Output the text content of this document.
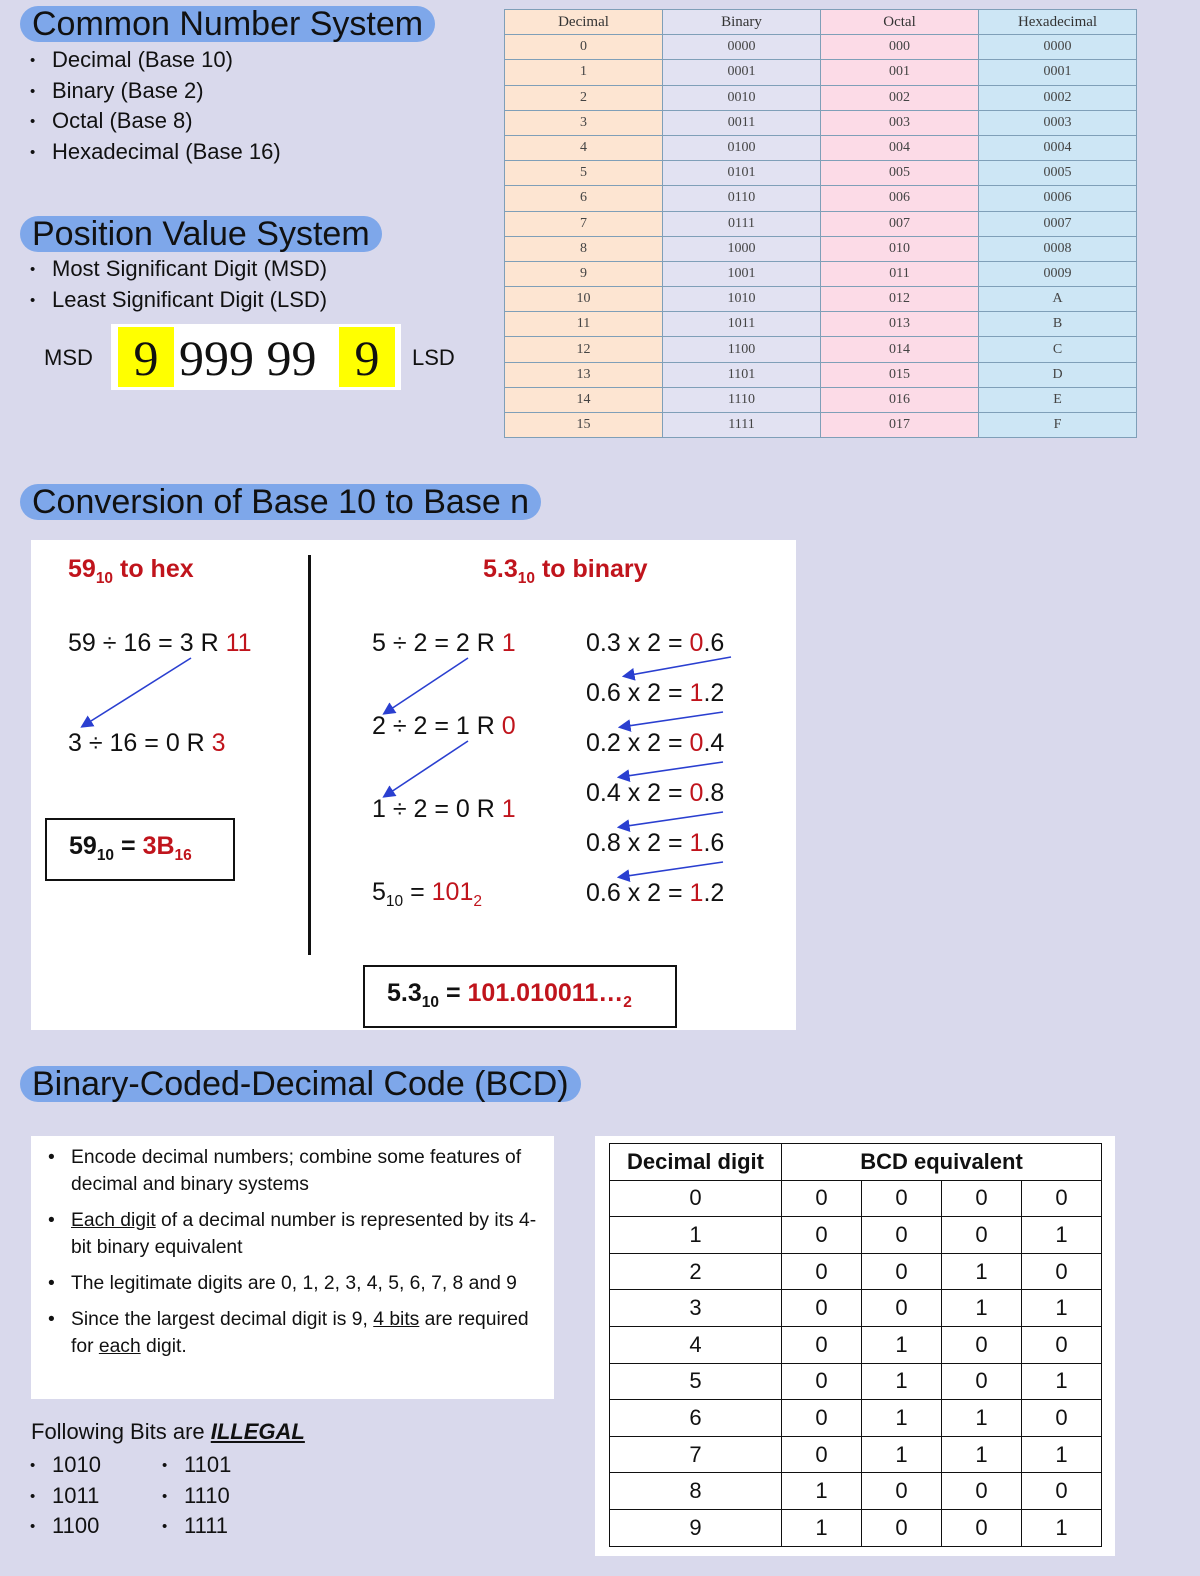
Common Number System
• Decimal (Base 10)
• Binary (Base 2)
• Octal (Base 8)
• Hexadecimal (Base 16)
Position Value System
• Most Significant Digit (MSD)
• Least Significant Digit (LSD)
MSD 9 999 99 9	LSD
Decimal	Binary	Octal	Hexadecimal
0	0000	000	0000
1	0001	001	0001
2	0010	002	0002
3	0011	003	0003
4	0100	004	0004
5	0101	005	0005
6	0110	006	0006
7	0111	007	0007
8	1000	010	0008
9	1001	011	0009
10	1010	012	A
11	1011	013	B
12	1100	014	C
13	1101	015	D
14	1110	016	E
15	1111	017	F
Conversion of Base 10 to Base n
$59_{10}$ to hex
59 ÷ 16 = 3 R 11
3 ÷ 16 = 0 R 3
$59_{10} = 3B_{16}$
$5.3_{10}$ to binary
5 ÷ 2 = 2 R 1
2 ÷ 2 = 1 R 0
1 ÷ 2 = 0 R 1
$5_{10} = 101_2$
0.3 x 2 = 0.6
0.6 x 2 = 1.2
0.2 x 2 = 0.4
0.4 x 2 = 0.8
0.8 x 2 = 1.6
0.6 x 2 = 1.2
$5.3_{10}$ = $101.010011\dots_2$
Binary-Coded-Decimal Code (BCD)
• Encode decimal numbers; combine some features of decimal and binary systems
• Each digit of a decimal number is represented by its 4-bit binary equivalent
• The legitimate digits are 0, 1, 2, 3, 4, 5, 6, 7, 8 and 9
• Since the largest decimal digit is 9, 4 bits are required for each digit.
Following Bits are ILLEGAL
• 1010
• 1011
• 1100
• 1101
• 1110
• 1111
Decimal digit	BCD equivalent			
0	0	0	0	0
1	0	0	0	1
2	0	0	1	0
3	0	0	1	1
4	0	1	0	0
5	0	1	0	1
6	0	1	1	0
7	0	1	1	1
8	1	0	0	0
9	1	0	0	1
